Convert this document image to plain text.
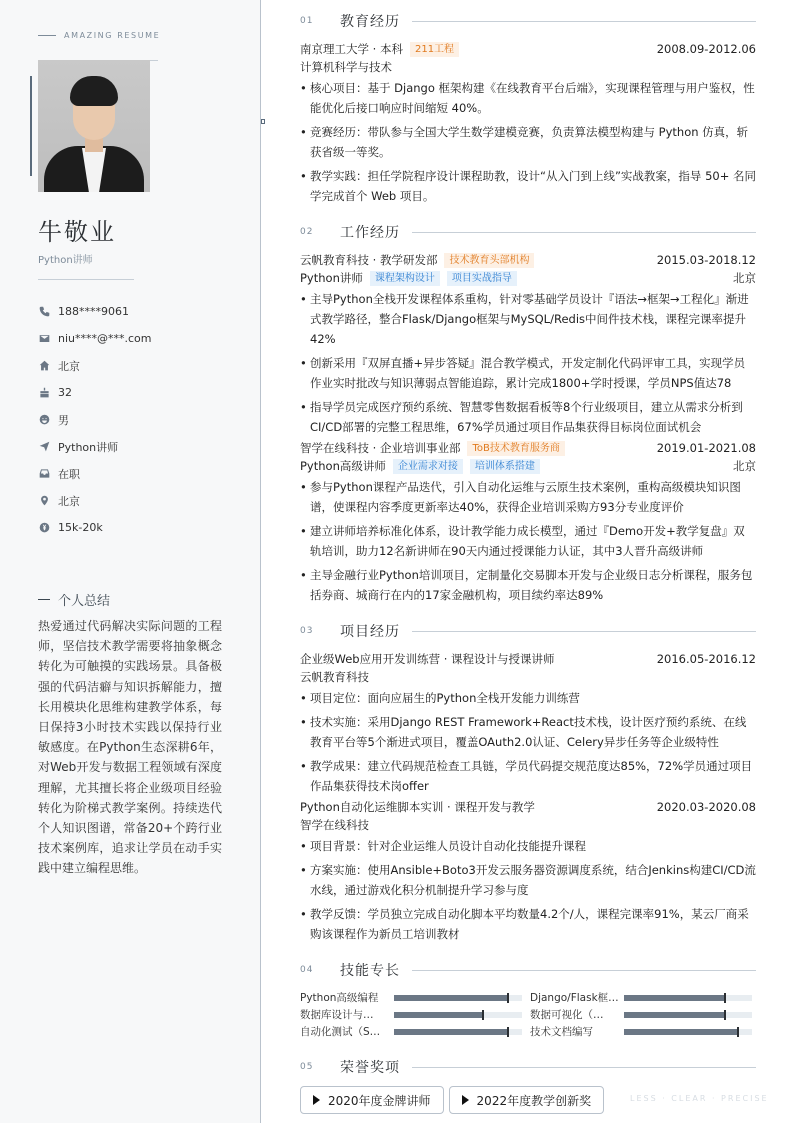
AMAZING RESUME
牛敬业
Python讲师
188****9061
niu****@***.com
北京
32
男
Python讲师
在职
北京
15k-20k
个人总结

热爱通过代码解决实际问题的工程师，坚信技术教学需要将抽象概念转化为可触摸的实践场景。具备极强的代码洁癖与知识拆解能力，擅长用模块化思维构建教学体系，每日保持3小时技术实践以保持行业敏感度。在Python生态深耕6年，对Web开发与数据工程领域有深度理解，尤其擅长将企业级项目经验转化为阶梯式教学案例。持续迭代个人知识图谱，常备20+个跨行业技术案例库，追求让学员在动手实践中建立编程思维。

01	教育经历
南京理工大学 · 本科	211工程	2008.09-2012.06
计算机科学与技术
• 核心项目：基于 Django 框架构建《在线教育平台后端》，实现课程管理与用户鉴权，性能优化后接口响应时间缩短 40%。
• 竞赛经历：带队参与全国大学生数学建模竞赛，负责算法模型构建与 Python 仿真，斩获省级一等奖。
• 教学实践：担任学院程序设计课程助教，设计“从入门到上线”实战教案，指导 50+ 名同学完成首个 Web 项目。
02	工作经历
云帆教育科技 · 教学研发部	技术教育头部机构	2015.03-2018.12
Python讲师	课程架构设计	项目实战指导	北京
• 主导Python全栈开发课程体系重构，针对零基础学员设计『语法→框架→工程化』渐进式教学路径，整合Flask/Django框架与MySQL/Redis中间件技术栈，课程完课率提升42%
• 创新采用『双屏直播+异步答疑』混合教学模式，开发定制化代码评审工具，实现学员作业实时批改与知识薄弱点智能追踪，累计完成1800+学时授课，学员NPS值达78
• 指导学员完成医疗预约系统、智慧零售数据看板等8个行业级项目，建立从需求分析到CI/CD部署的完整工程思维，67%学员通过项目作品集获得目标岗位面试机会
智学在线科技 · 企业培训事业部	ToB技术教育服务商	2019.01-2021.08
Python高级讲师	企业需求对接	培训体系搭建	北京
• 参与Python课程产品迭代，引入自动化运维与云原生技术案例，重构高级模块知识图谱，使课程内容季度更新率达40%，获得企业培训采购方93分专业度评价
• 建立讲师培养标准化体系，设计教学能力成长模型，通过『Demo开发+教学复盘』双轨培训，助力12名新讲师在90天内通过授课能力认证，其中3人晋升高级讲师
• 主导金融行业Python培训项目，定制量化交易脚本开发与企业级日志分析课程，服务包括券商、城商行在内的17家金融机构，项目续约率达89%
03	项目经历
企业级Web应用开发训练营 · 课程设计与授课讲师	2016.05-2016.12
云帆教育科技
• 项目定位：面向应届生的Python全栈开发能力训练营
• 技术实施：采用Django REST Framework+React技术栈，设计医疗预约系统、在线教育平台等5个渐进式项目，覆盖OAuth2.0认证、Celery异步任务等企业级特性
• 教学成果：建立代码规范检查工具链，学员代码提交规范度达85%，72%学员通过项目作品集获得技术岗offer
Python自动化运维脚本实训 · 课程开发与教学	2020.03-2020.08
智学在线科技
• 项目背景：针对企业运维人员设计自动化技能提升课程
• 方案实施：使用Ansible+Boto3开发云服务器资源调度系统，结合Jenkins构建CI/CD流水线，通过游戏化积分机制提升学习参与度
• 教学反馈：学员独立完成自动化脚本平均数量4.2个/人，课程完课率91%，某云厂商采购该课程作为新员工培训教材
04	技能专长
Python高级编程	Django/Flask框…
数据库设计与…	数据可视化（…
自动化测试（S…	技术文档编写
05	荣誉奖项
2020年度金牌讲师	2022年度教学创新奖	LESS · CLEAR · PRECISE
